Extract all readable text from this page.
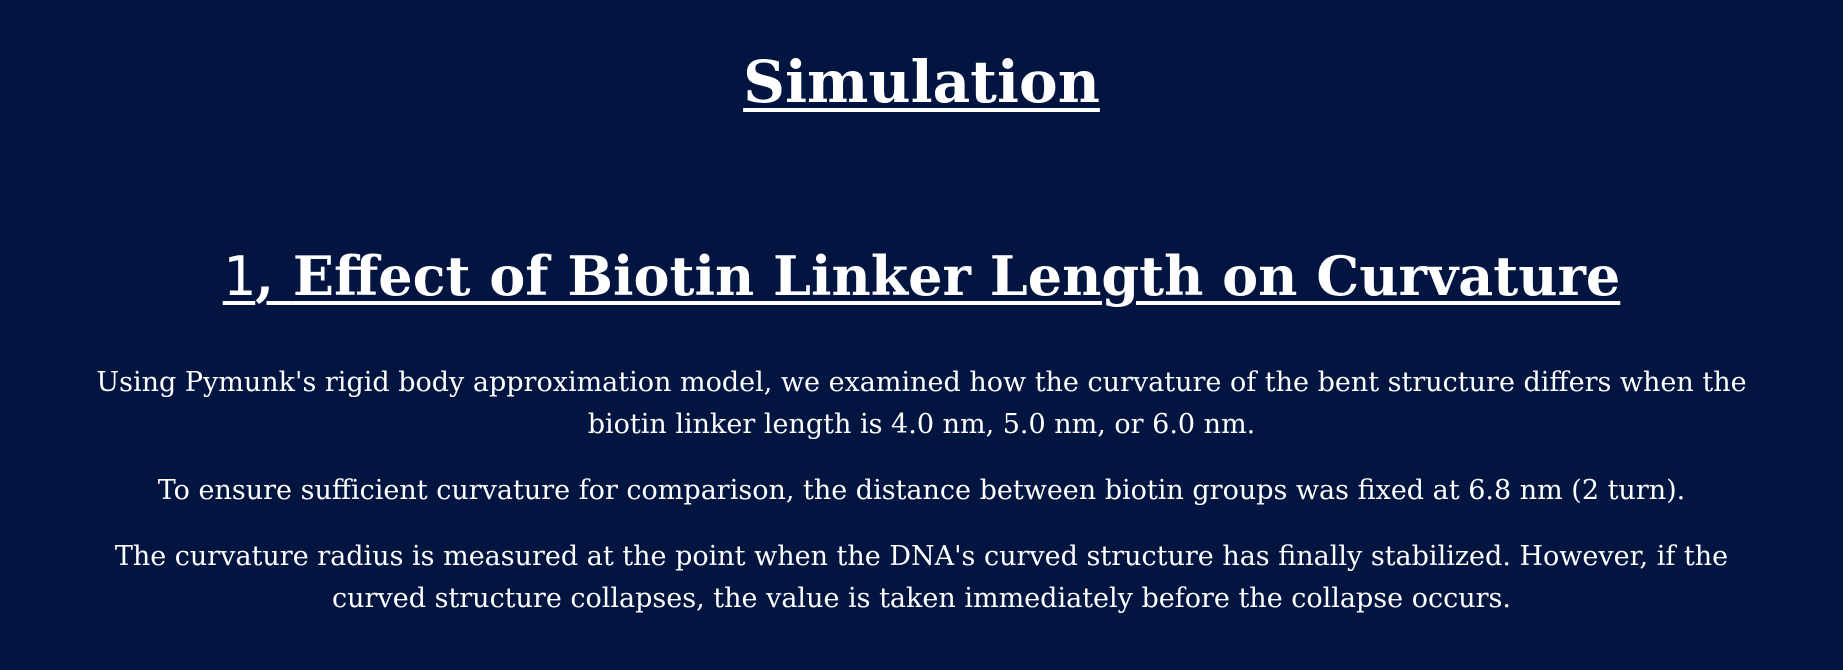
Simulation
1, Effect of Biotin Linker Length on Curvature

Using Pymunk's rigid body approximation model, we examined how the curvature of the bent structure differs when the biotin linker length is 4.0 nm, 5.0 nm, or 6.0 nm.

To ensure sufficient curvature for comparison, the distance between biotin groups was fixed at 6.8 nm (2 turn).

The curvature radius is measured at the point when the DNA's curved structure has finally stabilized. However, if the curved structure collapses, the value is taken immediately before the collapse occurs.
